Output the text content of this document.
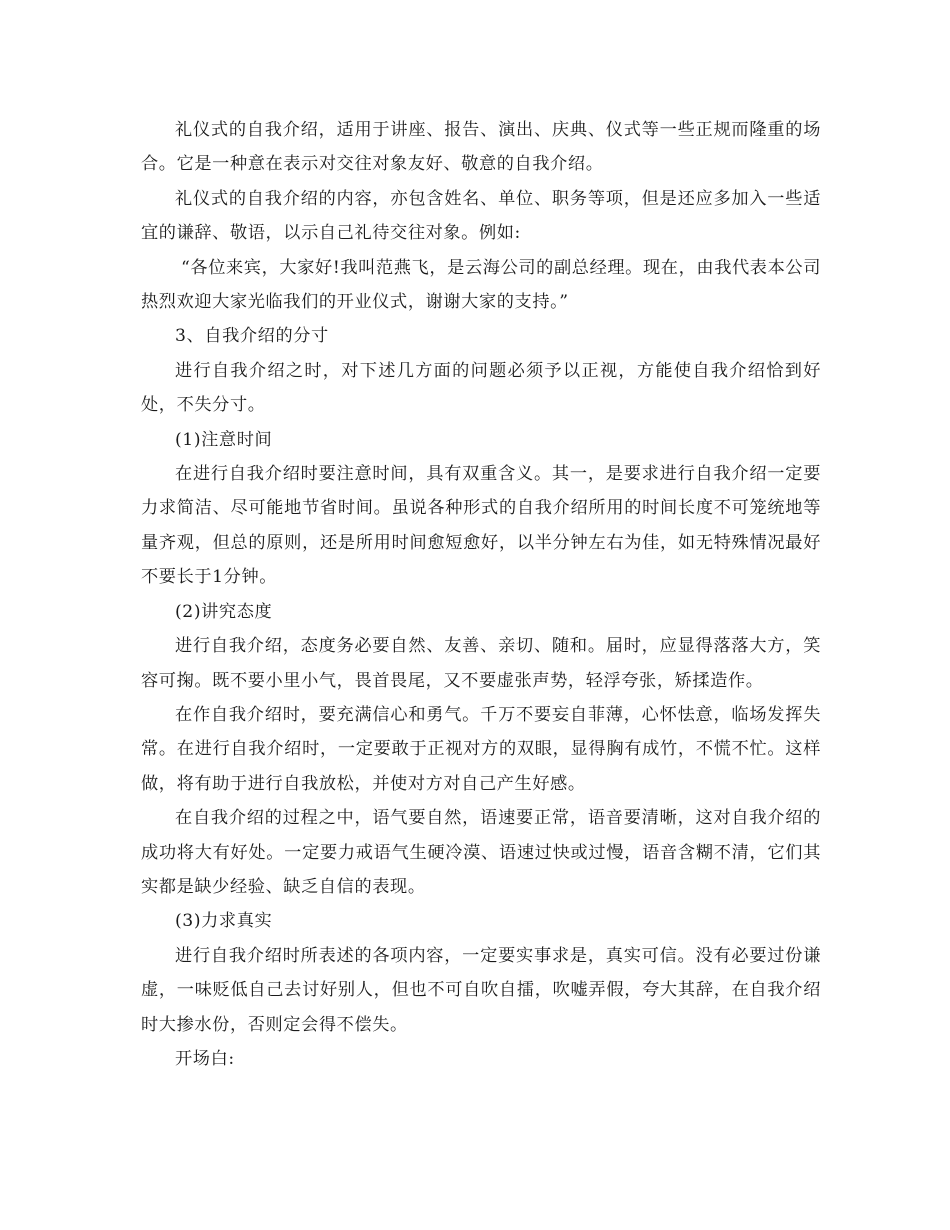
礼仪式的自我介绍，适用于讲座、报告、演出、庆典、仪式等一些正规而隆重的场合。它是一种意在表示对交往对象友好、敬意的自我介绍。

礼仪式的自我介绍的内容，亦包含姓名、单位、职务等项，但是还应多加入一些适宜的谦辞、敬语，以示自己礼待交往对象。例如:

“各位来宾，大家好!我叫范燕飞，是云海公司的副总经理。现在，由我代表本公司热烈欢迎大家光临我们的开业仪式，谢谢大家的支持。”

3、自我介绍的分寸

进行自我介绍之时，对下述几方面的问题必须予以正视，方能使自我介绍恰到好处，不失分寸。

(1)注意时间

在进行自我介绍时要注意时间，具有双重含义。其一，是要求进行自我介绍一定要力求简洁、尽可能地节省时间。虽说各种形式的自我介绍所用的时间长度不可笼统地等量齐观，但总的原则，还是所用时间愈短愈好，以半分钟左右为佳，如无特殊情况最好不要长于1分钟。

(2)讲究态度

进行自我介绍，态度务必要自然、友善、亲切、随和。届时，应显得落落大方，笑容可掬。既不要小里小气，畏首畏尾，又不要虚张声势，轻浮夸张，矫揉造作。

在作自我介绍时，要充满信心和勇气。千万不要妄自菲薄，心怀怯意，临场发挥失常。在进行自我介绍时，一定要敢于正视对方的双眼，显得胸有成竹，不慌不忙。这样做，将有助于进行自我放松，并使对方对自己产生好感。

在自我介绍的过程之中，语气要自然，语速要正常，语音要清晰，这对自我介绍的成功将大有好处。一定要力戒语气生硬冷漠、语速过快或过慢，语音含糊不清，它们其实都是缺少经验、缺乏自信的表现。

(3)力求真实

进行自我介绍时所表述的各项内容，一定要实事求是，真实可信。没有必要过份谦虚，一味贬低自己去讨好别人，但也不可自吹自擂，吹嘘弄假，夸大其辞，在自我介绍时大掺水份，否则定会得不偿失。

开场白:
